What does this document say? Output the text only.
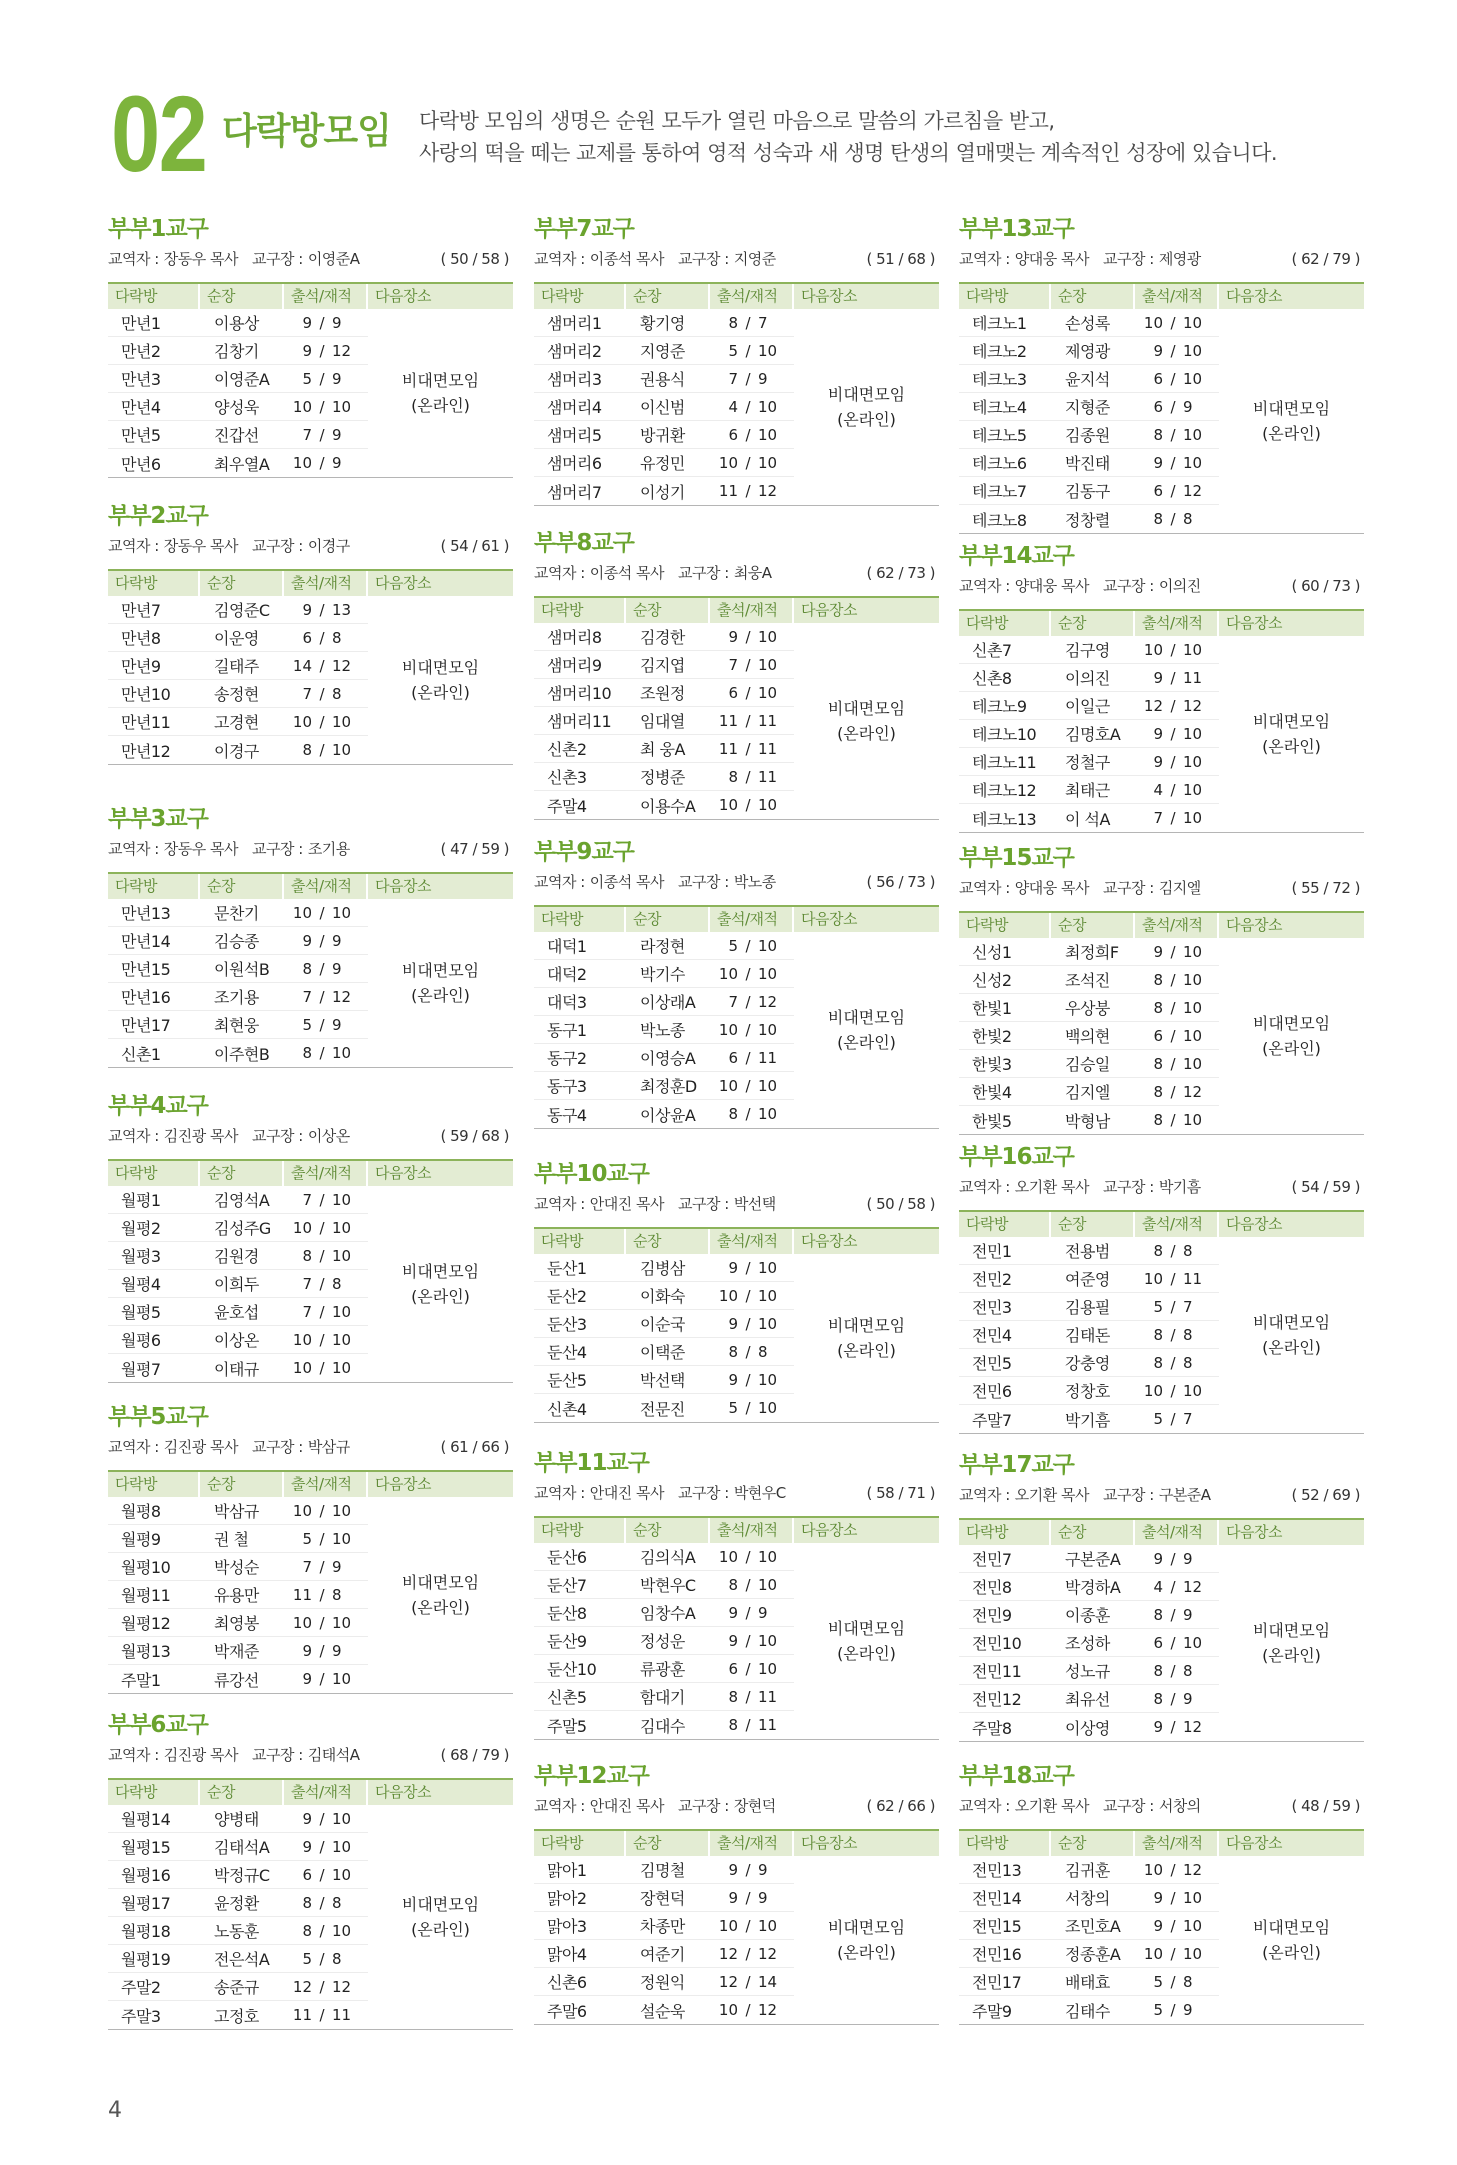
02 다락방모임 다락방 모임의 생명은 순원 모두가 열린 마음으로 말씀의 가르침을 받고,
사랑의 떡을 떼는 교제를 통하여 영적 성숙과 새 생명 탄생의 열매맺는 계속적인 성장에 있습니다.
부부1교구
교역자 : 장동우 목사 교구장 : 이영준A	( 50 / 58 )
다락방	순장	출석/재적	다음장소
만년1	이용상	9 / 9
만년2	김창기	9 / 12
만년3	이영준A	5 / 9
만년4	양성욱	10 / 10
만년5	진갑선	7 / 9
만년6	최우열A	10 / 9
비대면모임
(온라인)
부부2교구
교역자 : 장동우 목사 교구장 : 이경구	( 54 / 61 )
다락방	순장	출석/재적	다음장소
만년7	김영준C	9 / 13
만년8	이운영	6 / 8
만년9	길태주	14 / 12
만년10	송정현	7 / 8
만년11	고경현	10 / 10
만년12	이경구	8 / 10
비대면모임
(온라인)
부부3교구
교역자 : 장동우 목사 교구장 : 조기용	( 47 / 59 )
다락방	순장	출석/재적	다음장소
만년13	문찬기	10 / 10
만년14	김승종	9 / 9
만년15	이원석B	8 / 9
만년16	조기용	7 / 12
만년17	최현웅	5 / 9
신촌1	이주현B	8 / 10
비대면모임
(온라인)
부부4교구
교역자 : 김진광 목사 교구장 : 이상온	( 59 / 68 )
다락방	순장	출석/재적	다음장소
월평1	김영석A	7 / 10
월평2	김성주G	10 / 10
월평3	김원경	8 / 10
월평4	이희두	7 / 8
월평5	윤호섭	7 / 10
월평6	이상온	10 / 10
월평7	이태규	10 / 10
비대면모임
(온라인)
부부5교구
교역자 : 김진광 목사 교구장 : 박삼규	( 61 / 66 )
다락방	순장	출석/재적	다음장소
월평8	박삼규	10 / 10
월평9	권 철	5 / 10
월평10	박성순	7 / 9
월평11	유용만	11 / 8
월평12	최영봉	10 / 10
월평13	박재준	9 / 9
주말1	류강선	9 / 10
비대면모임
(온라인)
부부6교구
교역자 : 김진광 목사 교구장 : 김태석A	( 68 / 79 )
다락방	순장	출석/재적	다음장소
월평14	양병태	9 / 10
월평15	김태석A	9 / 10
월평16	박정규C	6 / 10
월평17	윤정환	8 / 8
월평18	노동훈	8 / 10
월평19	전은석A	5 / 8
주말2	송준규	12 / 12
주말3	고정호	11 / 11
비대면모임
(온라인)
부부7교구
교역자 : 이종석 목사 교구장 : 지영준	( 51 / 68 )
다락방	순장	출석/재적	다음장소
샘머리1	황기영	8 / 7
샘머리2	지영준	5 / 10
샘머리3	권용식	7 / 9
샘머리4	이신범	4 / 10
샘머리5	방귀환	6 / 10
샘머리6	유정민	10 / 10
샘머리7	이성기	11 / 12
비대면모임
(온라인)
부부8교구
교역자 : 이종석 목사 교구장 : 최웅A	( 62 / 73 )
다락방	순장	출석/재적	다음장소
샘머리8	김경한	9 / 10
샘머리9	김지엽	7 / 10
샘머리10	조원정	6 / 10
샘머리11	임대열	11 / 11
신촌2	최 웅A	11 / 11
신촌3	정병준	8 / 11
주말4	이용수A	10 / 10
비대면모임
(온라인)
부부9교구
교역자 : 이종석 목사 교구장 : 박노종	( 56 / 73 )
다락방	순장	출석/재적	다음장소
대덕1	라정현	5 / 10
대덕2	박기수	10 / 10
대덕3	이상래A	7 / 12
동구1	박노종	10 / 10
동구2	이영승A	6 / 11
동구3	최정훈D	10 / 10
동구4	이상윤A	8 / 10
비대면모임
(온라인)
부부10교구
교역자 : 안대진 목사 교구장 : 박선택	( 50 / 58 )
다락방	순장	출석/재적	다음장소
둔산1	김병삼	9 / 10
둔산2	이화숙	10 / 10
둔산3	이순국	9 / 10
둔산4	이택준	8 / 8
둔산5	박선택	9 / 10
신촌4	전문진	5 / 10
비대면모임
(온라인)
부부11교구
교역자 : 안대진 목사 교구장 : 박현우C	( 58 / 71 )
다락방	순장	출석/재적	다음장소
둔산6	김의식A	10 / 10
둔산7	박현우C	8 / 10
둔산8	임창수A	9 / 9
둔산9	정성운	9 / 10
둔산10	류광훈	6 / 10
신촌5	함대기	8 / 11
주말5	김대수	8 / 11
비대면모임
(온라인)
부부12교구
교역자 : 안대진 목사 교구장 : 장현덕	( 62 / 66 )
다락방	순장	출석/재적	다음장소
맑아1	김명철	9 / 9
맑아2	장현덕	9 / 9
맑아3	차종만	10 / 10
맑아4	여준기	12 / 12
신촌6	정원익	12 / 14
주말6	설순욱	10 / 12
비대면모임
(온라인)
부부13교구
교역자 : 양대웅 목사 교구장 : 제영광	( 62 / 79 )
다락방	순장	출석/재적	다음장소
테크노1	손성록	10 / 10
테크노2	제영광	9 / 10
테크노3	윤지석	6 / 10
테크노4	지형준	6 / 9
테크노5	김종원	8 / 10
테크노6	박진태	9 / 10
테크노7	김동구	6 / 12
테크노8	정창렬	8 / 8
비대면모임
(온라인)
부부14교구
교역자 : 양대웅 목사 교구장 : 이의진	( 60 / 73 )
다락방	순장	출석/재적	다음장소
신촌7	김구영	10 / 10
신촌8	이의진	9 / 11
테크노9	이일근	12 / 12
테크노10	김명호A	9 / 10
테크노11	정철구	9 / 10
테크노12	최태근	4 / 10
테크노13	이 석A	7 / 10
비대면모임
(온라인)
부부15교구
교역자 : 양대웅 목사 교구장 : 김지엘	( 55 / 72 )
다락방	순장	출석/재적	다음장소
신성1	최정희F	9 / 10
신성2	조석진	8 / 10
한빛1	우상붕	8 / 10
한빛2	백의현	6 / 10
한빛3	김승일	8 / 10
한빛4	김지엘	8 / 12
한빛5	박형남	8 / 10
비대면모임
(온라인)
부부16교구
교역자 : 오기환 목사 교구장 : 박기흠	( 54 / 59 )
다락방	순장	출석/재적	다음장소
전민1	전용범	8 / 8
전민2	여준영	10 / 11
전민3	김용필	5 / 7
전민4	김태돈	8 / 8
전민5	강충영	8 / 8
전민6	정창호	10 / 10
주말7	박기흠	5 / 7
비대면모임
(온라인)
부부17교구
교역자 : 오기환 목사 교구장 : 구본준A	( 52 / 69 )
다락방	순장	출석/재적	다음장소
전민7	구본준A	9 / 9
전민8	박경하A	4 / 12
전민9	이종훈	8 / 9
전민10	조성하	6 / 10
전민11	성노규	8 / 8
전민12	최유선	8 / 9
주말8	이상영	9 / 12
비대면모임
(온라인)
부부18교구
교역자 : 오기환 목사 교구장 : 서창의	( 48 / 59 )
다락방	순장	출석/재적	다음장소
전민13	김귀훈	10 / 12
전민14	서창의	9 / 10
전민15	조민호A	9 / 10
전민16	정종훈A	10 / 10
전민17	배태효	5 / 8
주말9	김태수	5 / 9
비대면모임
(온라인)
4
